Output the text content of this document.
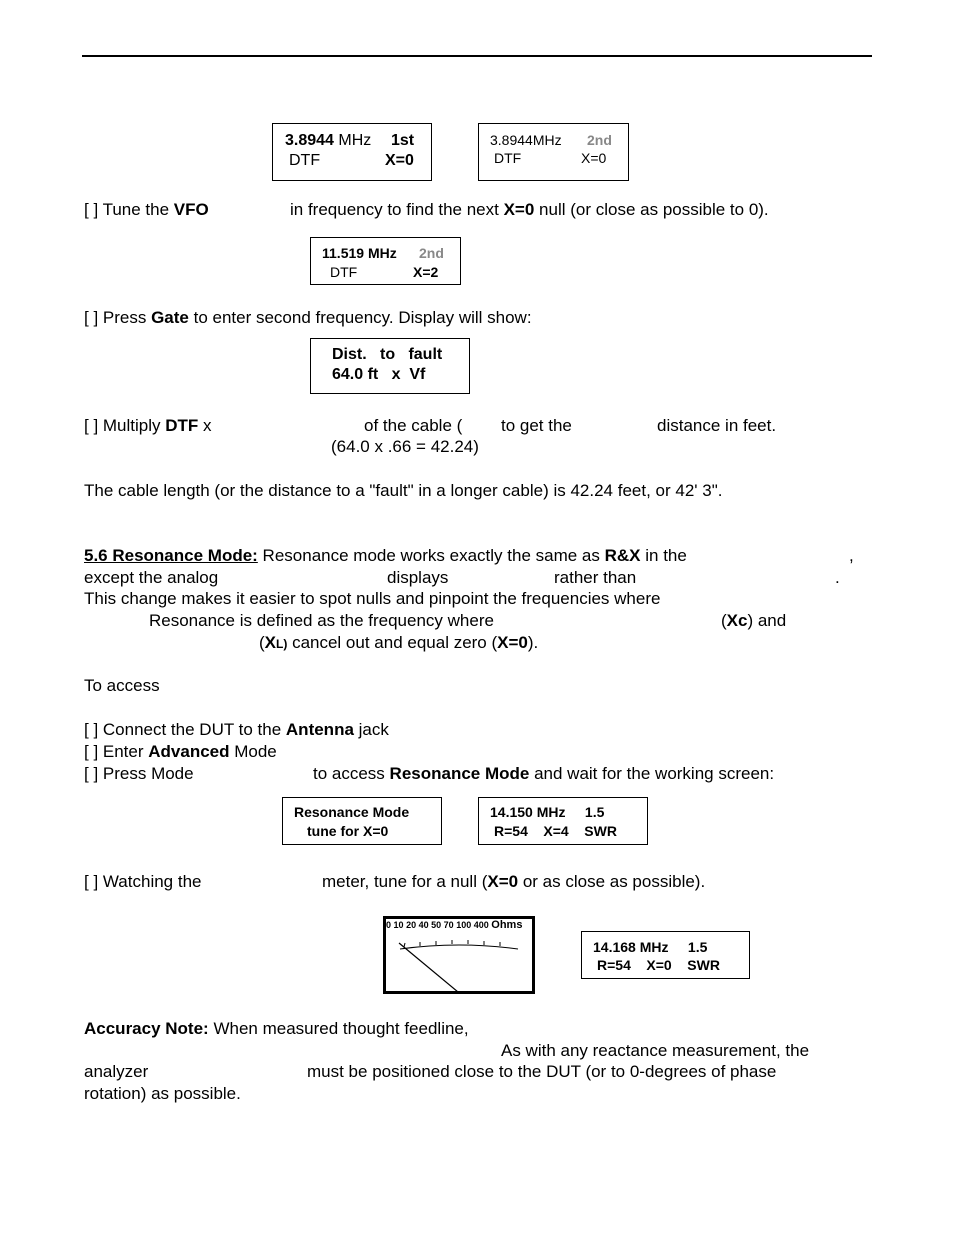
3.8944 MHz 1st
DTF	X=0
3.8944MHz 2nd
DTF	X=0
[ ] Tune the VFO	in frequency to find the next X=0 null (or close as possible to 0).
11.519 MHz 2nd
DTF	X=2
[ ] Press Gate to enter second frequency. Display will show:
Dist.   to   fault
64.0 ft   x  Vf
[ ] Multiply DTF x	of the cable ( to get the	distance in feet.
(64.0 x .66 = 42.24)
The cable length (or the distance to a "fault" in a longer cable) is 42.24 feet, or 42' 3".
5.6 Resonance Mode: Resonance mode works exactly the same as R&X in the	,
except the analog	displays	rather than	.
This change makes it easier to spot nulls and pinpoint the frequencies where
Resonance is defined as the frequency where	(Xc) and
(XL) cancel out and equal zero (X=0).
To access
[ ] Connect the DUT to the Antenna jack
[ ] Enter Advanced Mode
[ ] Press Mode	to access Resonance Mode and wait for the working screen:
Resonance Mode
tune for X=0
14.150 MHz     1.5
R=54    X=4    SWR
[ ] Watching the	meter, tune for a null (X=0 or as close as possible).
0 10 20 40 50 70 100 400 Ohms
14.168 MHz     1.5
R=54    X=0    SWR
Accuracy Note: When measured thought feedline,
As with any reactance measurement, the
analyzer	must be positioned close to the DUT (or to 0-degrees of phase
rotation) as possible.
